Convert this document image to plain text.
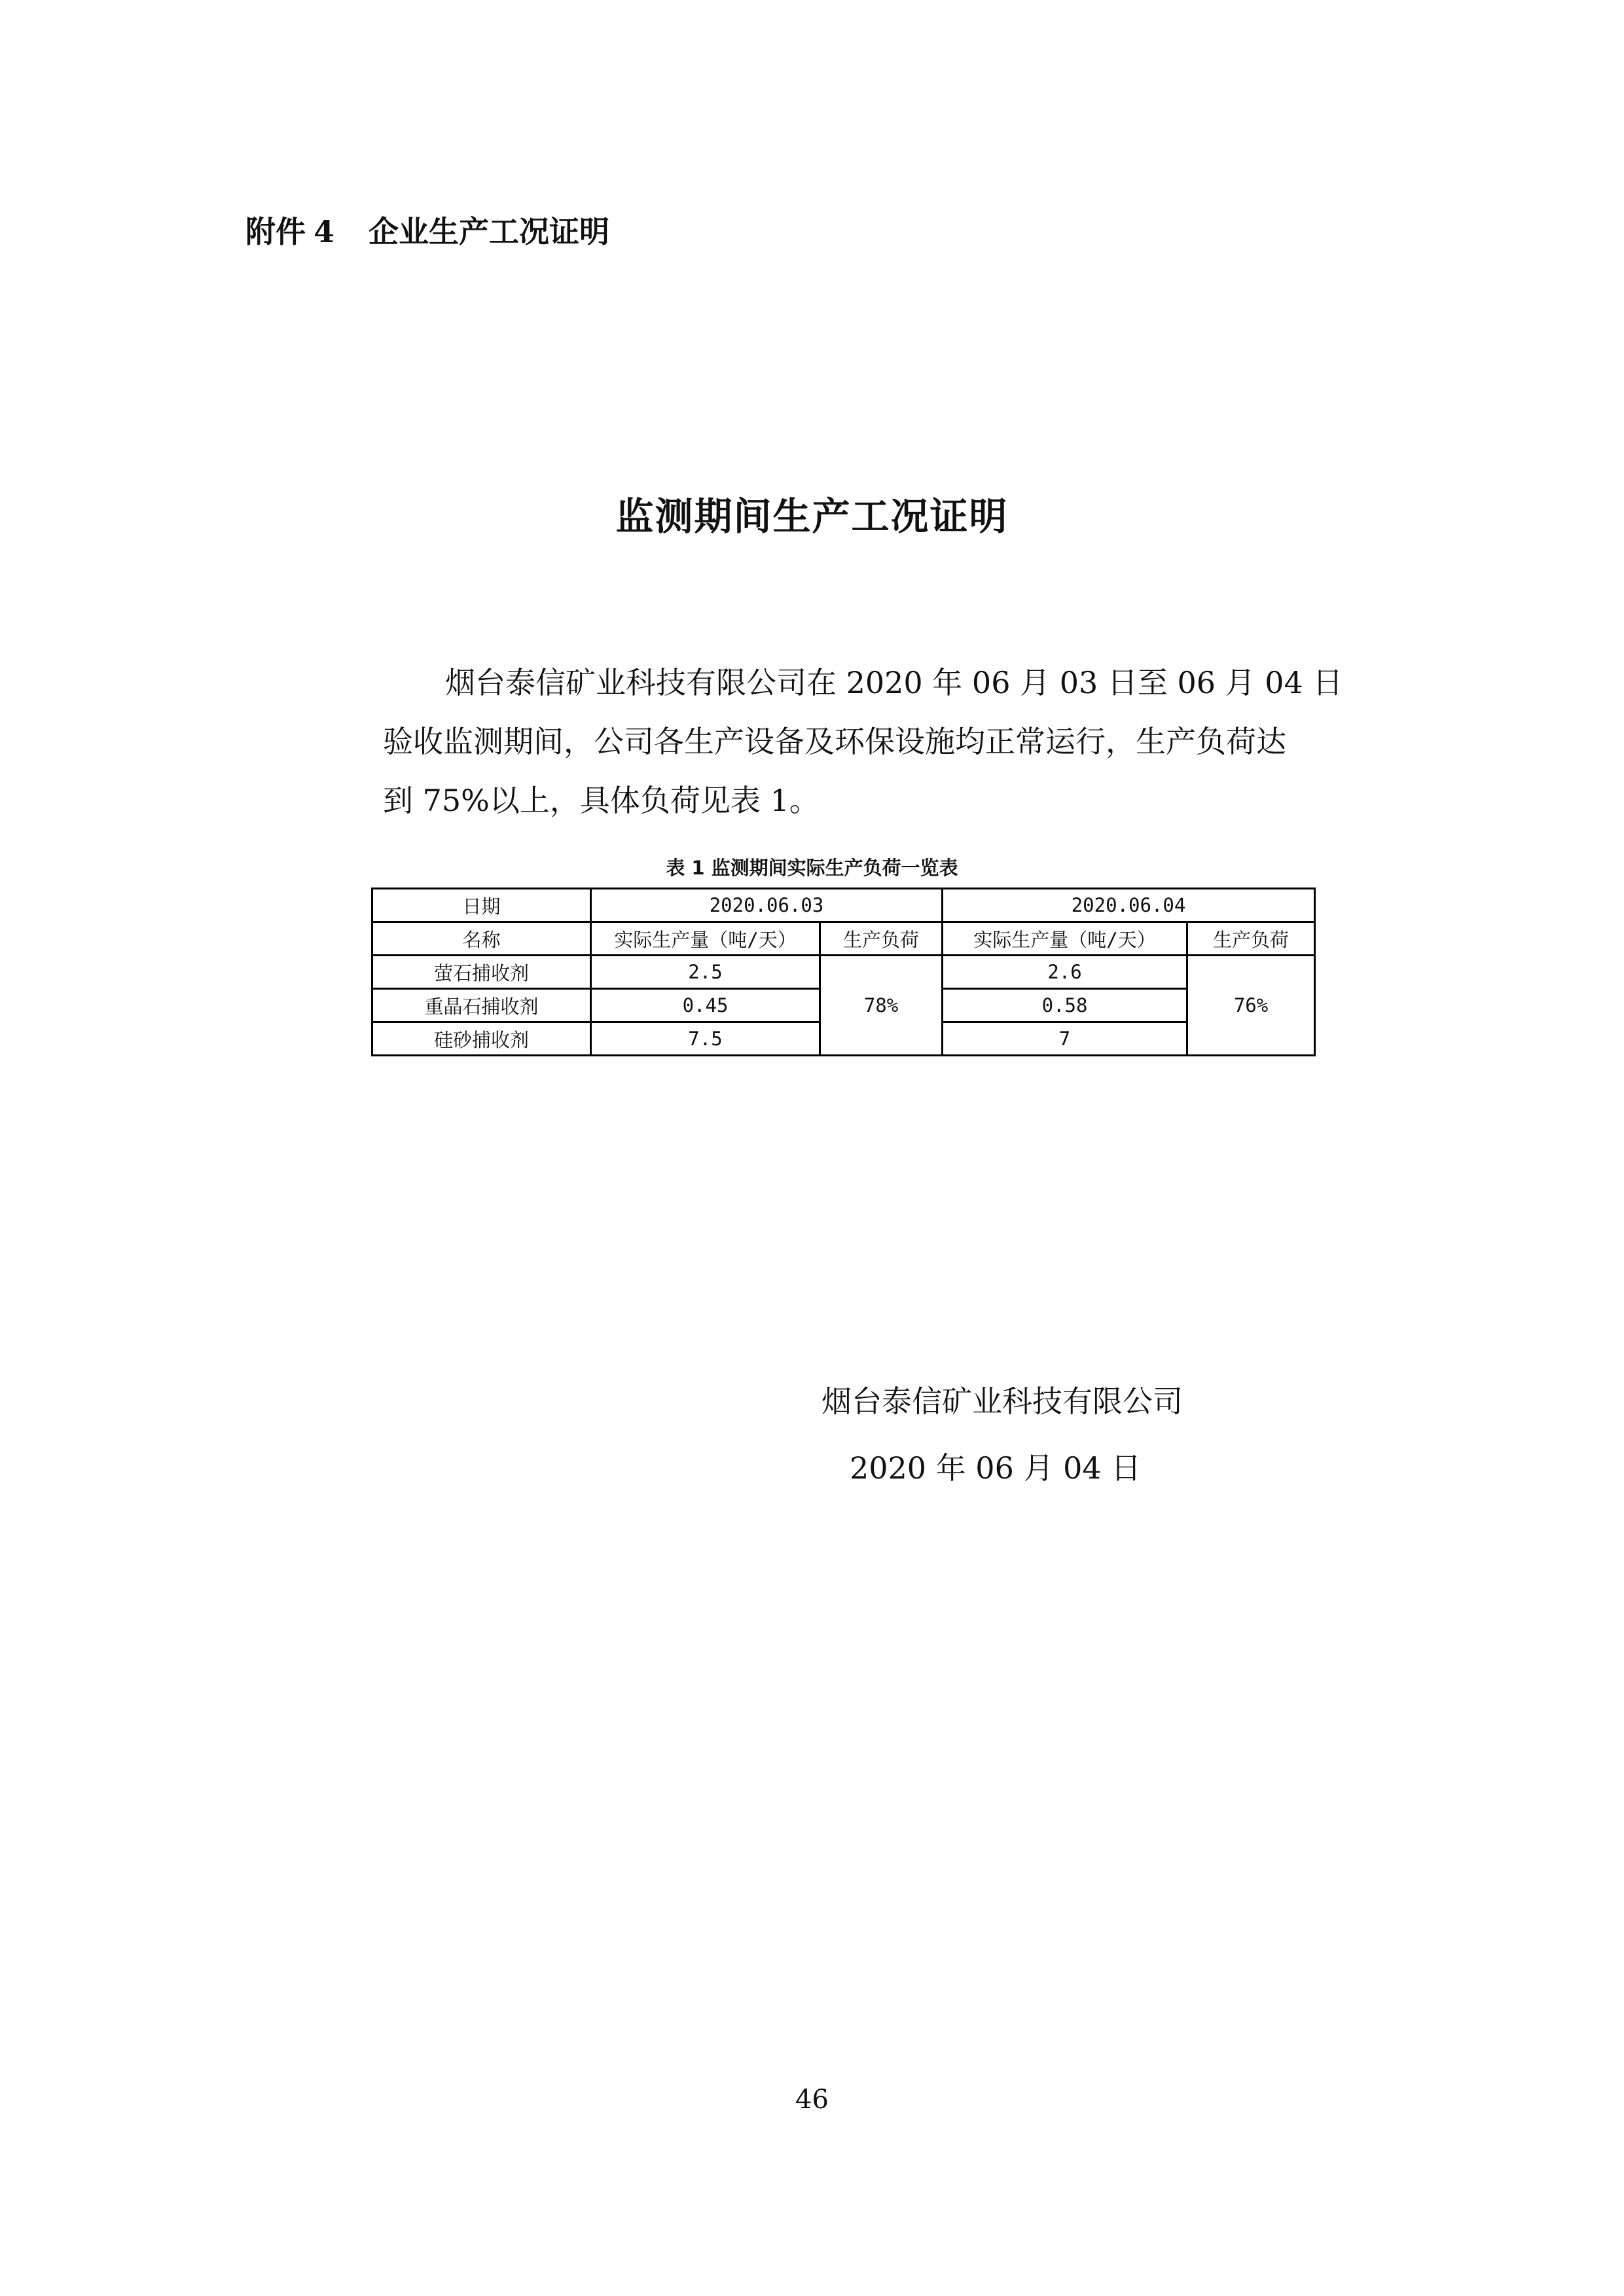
附件 4 企业生产工况证明
监测期间生产工况证明
烟台泰信矿业科技有限公司在 2020 年 06 月 03 日至 06 月 04 日
验收监测期间，公司各生产设备及环保设施均正常运行，生产负荷达
到 75%以上，具体负荷见表 1。
表 1 监测期间实际生产负荷一览表
日期	2020.06.03		2020.06.04	
名称	实际生产量（吨/天）	生产负荷	实际生产量（吨/天）	生产负荷
萤石捕收剂	2.5	78%	2.6	76%
重晶石捕收剂	0.45		0.58	
硅砂捕收剂	7.5		7	
烟台泰信矿业科技有限公司
2020 年 06 月 04 日
46
